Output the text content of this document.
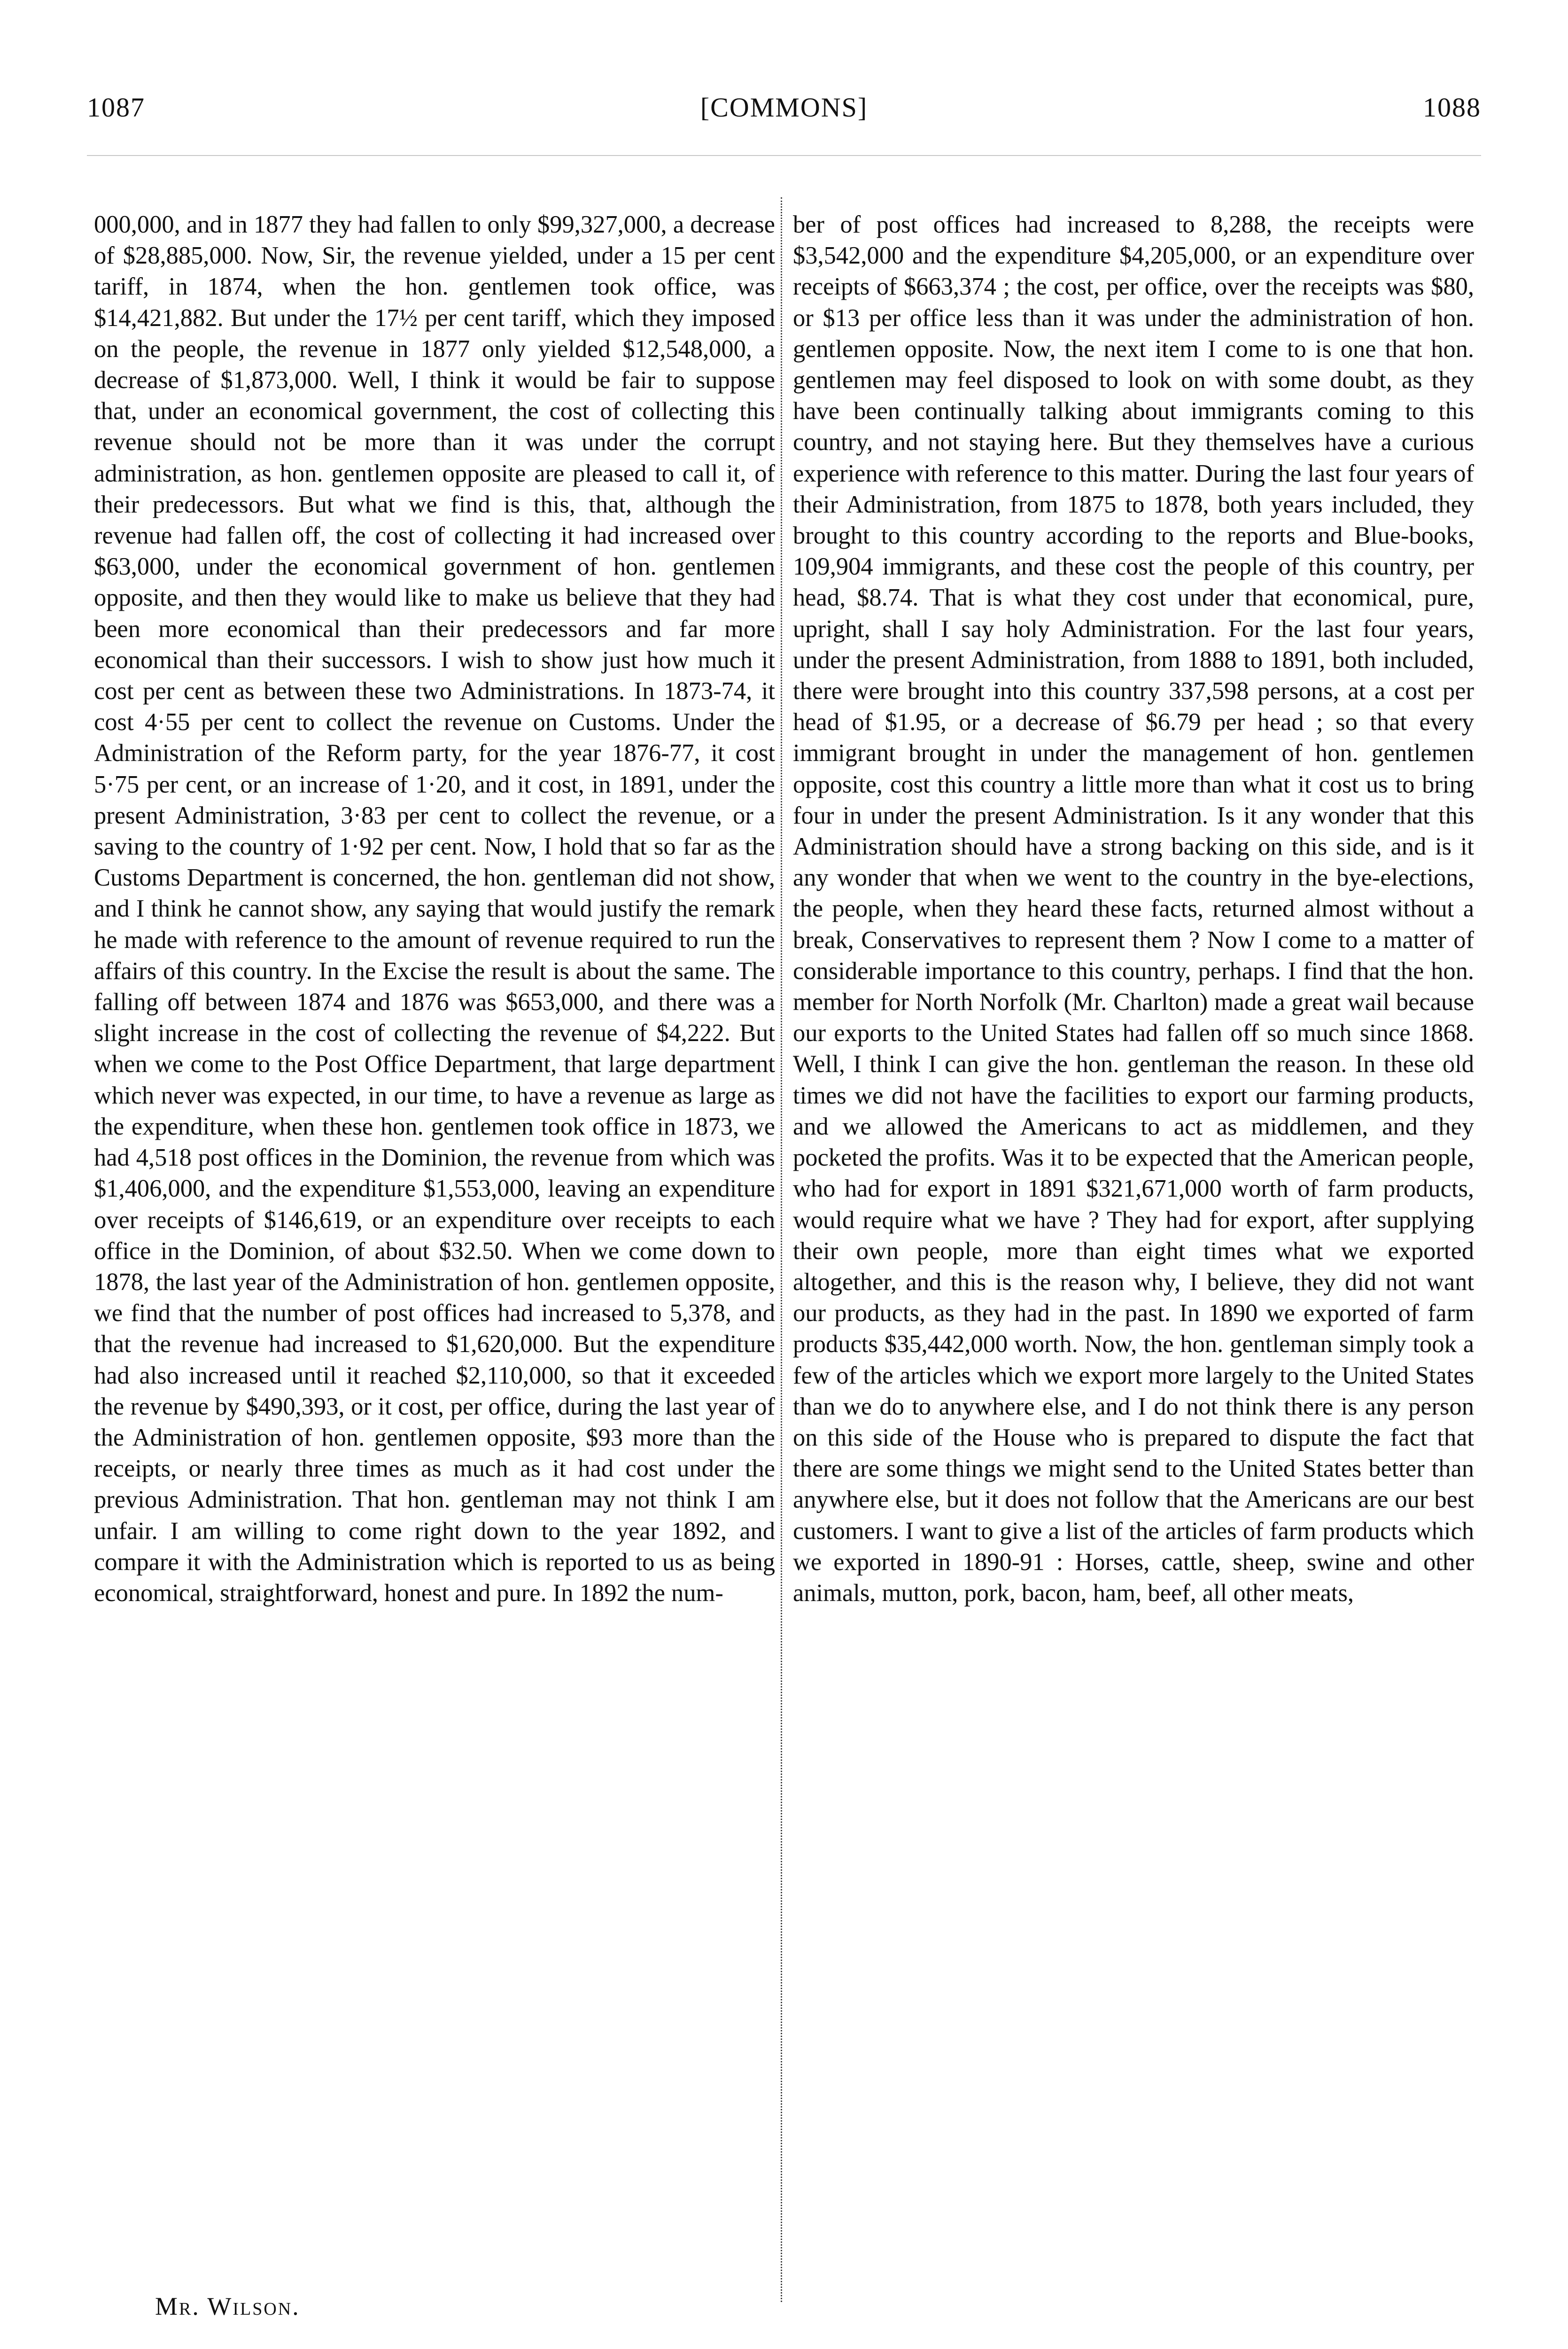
1087	[COMMONS]	1088
000,000, and in 1877 they had fallen to only $99,327,000, a decrease of $28,885,000. Now, Sir, the revenue yielded, under a 15 per cent tariff, in 1874, when the hon. gentlemen took office, was $14,421,882. But under the 17½ per cent tariff, which they imposed on the people, the revenue in 1877 only yielded $12,548,000, a decrease of $1,873,000. Well, I think it would be fair to suppose that, under an economical government, the cost of collecting this revenue should not be more than it was under the corrupt administration, as hon. gentlemen opposite are pleased to call it, of their predecessors. But what we find is this, that, although the revenue had fallen off, the cost of collecting it had increased over $63,000, under the economical government of hon. gentlemen opposite, and then they would like to make us believe that they had been more economical than their predecessors and far more economical than their successors. I wish to show just how much it cost per cent as between these two Administrations. In 1873-74, it cost 4·55 per cent to collect the revenue on Customs. Under the Administration of the Reform party, for the year 1876-77, it cost 5·75 per cent, or an increase of 1·20, and it cost, in 1891, under the present Administration, 3·83 per cent to collect the revenue, or a saving to the country of 1·92 per cent. Now, I hold that so far as the Customs Department is concerned, the hon. gentleman did not show, and I think he cannot show, any saying that would justify the remark he made with reference to the amount of revenue required to run the affairs of this country. In the Excise the result is about the same. The falling off between 1874 and 1876 was $653,000, and there was a slight increase in the cost of collecting the revenue of $4,222. But when we come to the Post Office Department, that large department which never was expected, in our time, to have a revenue as large as the expenditure, when these hon. gentlemen took office in 1873, we had 4,518 post offices in the Dominion, the revenue from which was $1,406,000, and the expenditure $1,553,000, leaving an expenditure over receipts of $146,619, or an expenditure over receipts to each office in the Dominion, of about $32.50. When we come down to 1878, the last year of the Administration of hon. gentlemen opposite, we find that the number of post offices had increased to 5,378, and that the revenue had increased to $1,620,000. But the expenditure had also increased until it reached $2,110,000, so that it exceeded the revenue by $490,393, or it cost, per office, during the last year of the Administration of hon. gentlemen opposite, $93 more than the receipts, or nearly three times as much as it had cost under the previous Administration. That hon. gentleman may not think I am unfair. I am willing to come right down to the year 1892, and compare it with the Administration which is reported to us as being economical, straightforward, honest and pure. In 1892 the num-
ber of post offices had increased to 8,288, the receipts were $3,542,000 and the expenditure $4,205,000, or an expenditure over receipts of $663,374 ; the cost, per office, over the receipts was $80, or $13 per office less than it was under the administration of hon. gentlemen opposite. Now, the next item I come to is one that hon. gentlemen may feel disposed to look on with some doubt, as they have been continually talking about immigrants coming to this country, and not staying here. But they themselves have a curious experience with reference to this matter. During the last four years of their Administration, from 1875 to 1878, both years included, they brought to this country according to the reports and Blue-books, 109,904 immigrants, and these cost the people of this country, per head, $8.74. That is what they cost under that economical, pure, upright, shall I say holy Administration. For the last four years, under the present Administration, from 1888 to 1891, both included, there were brought into this country 337,598 persons, at a cost per head of $1.95, or a decrease of $6.79 per head ; so that every immigrant brought in under the management of hon. gentlemen opposite, cost this country a little more than what it cost us to bring four in under the present Administration. Is it any wonder that this Administration should have a strong backing on this side, and is it any wonder that when we went to the country in the bye-elections, the people, when they heard these facts, returned almost without a break, Conservatives to represent them ? Now I come to a matter of considerable importance to this country, perhaps. I find that the hon. member for North Norfolk (Mr. Charlton) made a great wail because our exports to the United States had fallen off so much since 1868. Well, I think I can give the hon. gentleman the reason. In these old times we did not have the facilities to export our farming products, and we allowed the Americans to act as middlemen, and they pocketed the profits. Was it to be expected that the American people, who had for export in 1891 $321,671,000 worth of farm products, would require what we have ? They had for export, after supplying their own people, more than eight times what we exported altogether, and this is the reason why, I believe, they did not want our products, as they had in the past. In 1890 we exported of farm products $35,442,000 worth. Now, the hon. gentleman simply took a few of the articles which we export more largely to the United States than we do to anywhere else, and I do not think there is any person on this side of the House who is prepared to dispute the fact that there are some things we might send to the United States better than anywhere else, but it does not follow that the Americans are our best customers. I want to give a list of the articles of farm products which we exported in 1890-91 : Horses, cattle, sheep, swine and other animals, mutton, pork, bacon, ham, beef, all other meats,
Mr. Wilson.
